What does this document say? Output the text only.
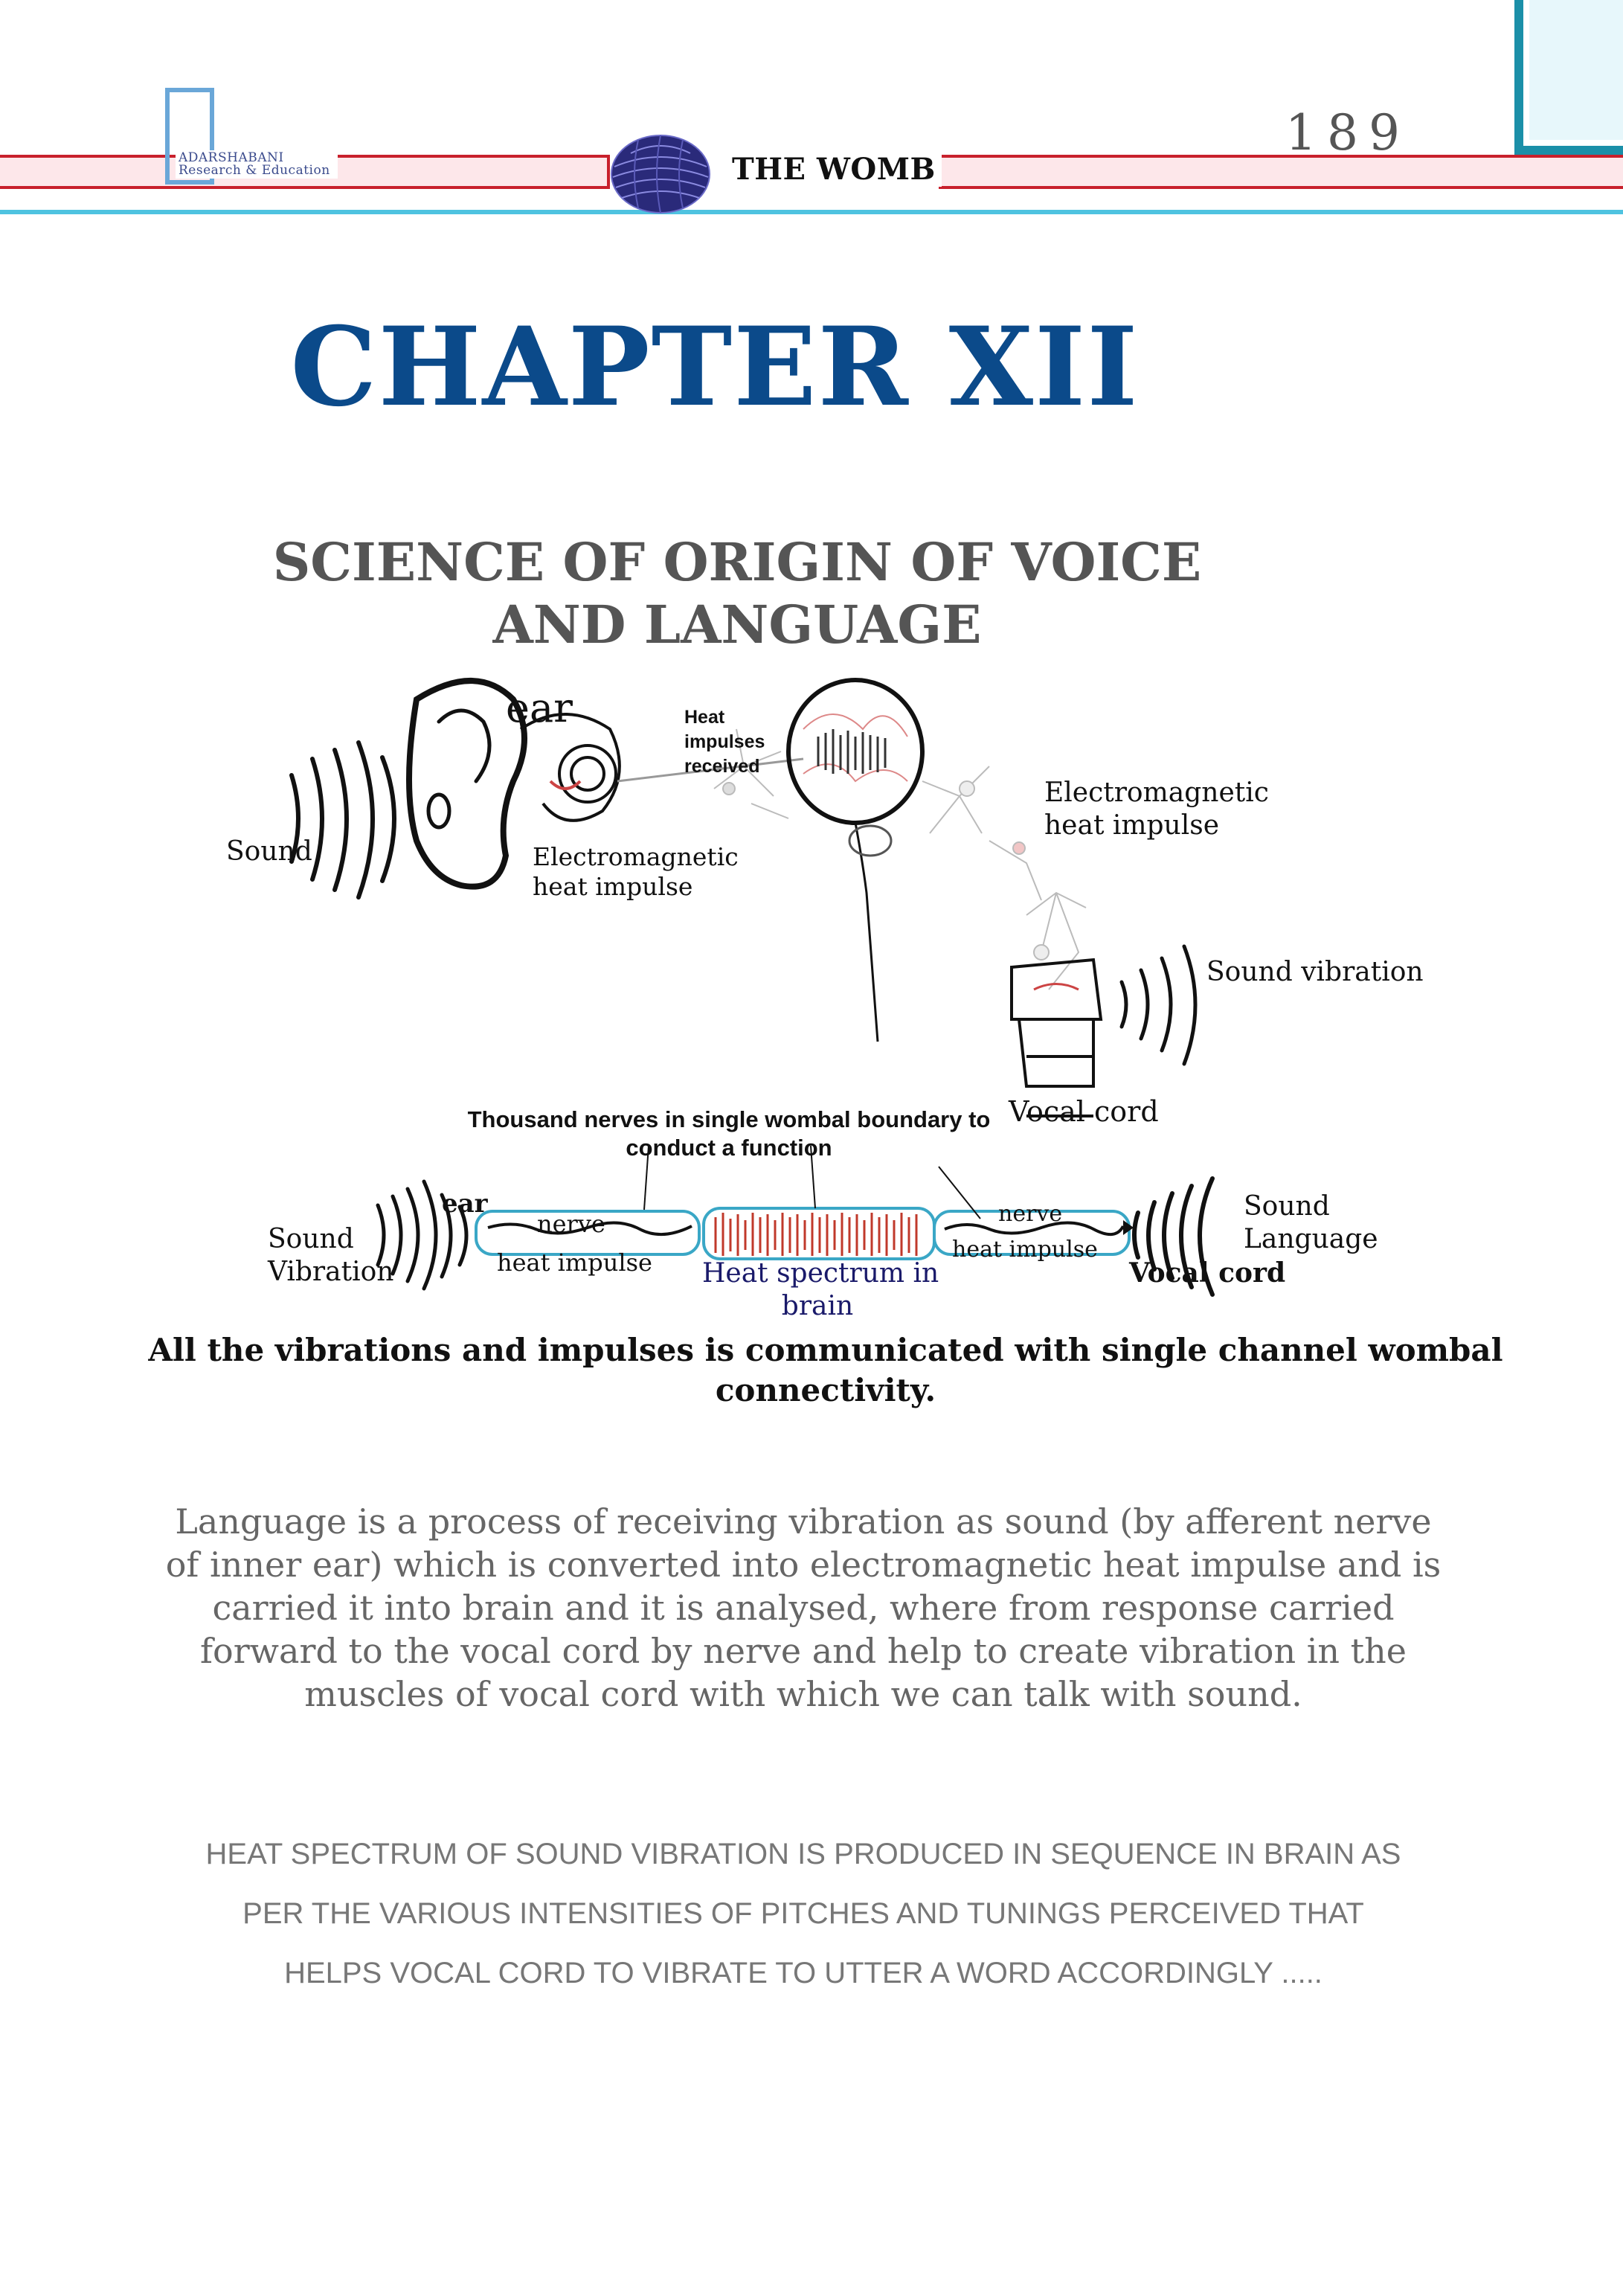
ADARSHABANI
Research & Education	THE WOMB
189
CHAPTER XII
SCIENCE OF ORIGIN OF VOICE
AND LANGUAGE
ear
Sound
Heat
impulses
received
Electromagnetic
heat impulse
Electromagnetic
heat impulse
Sound vibration
Vocal cord
Thousand nerves in single wombal boundary to
conduct a function
Sound
Vibration
ear
nerve
heat impulse Heat spectrum in
brain
nerve
heat impulse
Vocal cord
Sound
Language
All the vibrations and impulses is communicated with single channel wombal
connectivity.
Language is a process of receiving vibration as sound (by afferent nerve
of inner ear) which is converted into electromagnetic heat impulse and is
carried it into brain and it is analysed, where from response carried
forward to the vocal cord by nerve and help to create vibration in the
muscles of vocal cord with which we can talk with sound.
HEAT SPECTRUM OF SOUND VIBRATION IS PRODUCED IN SEQUENCE IN BRAIN AS
PER THE VARIOUS INTENSITIES OF PITCHES AND TUNINGS PERCEIVED THAT
HELPS VOCAL CORD TO VIBRATE TO UTTER A WORD ACCORDINGLY .....
